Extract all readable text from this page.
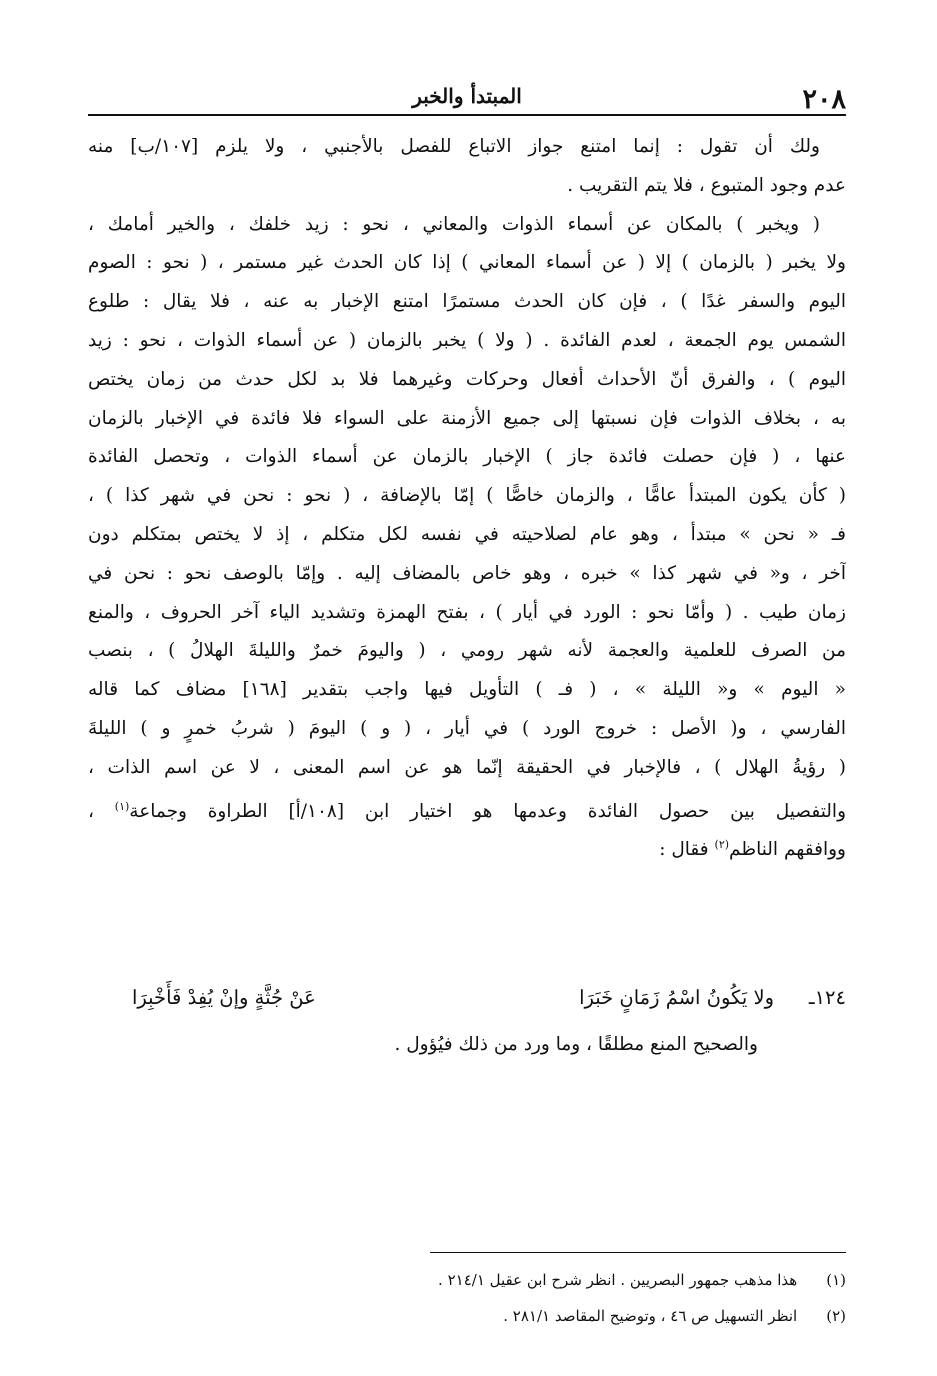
٢٠٨
المبتدأ والخبر
ولك أن تقول : إنما امتنع جواز الاتباع للفصل بالأجنبي ، ولا يلزم [١٠٧/ب] منه
عدم وجود المتبوع ، فلا يتم التقريب .
( ويخبر ) بالمكان عن أسماء الذوات والمعاني ، نحو : زيد خلفك ، والخير أمامك ،
ولا يخبر ( بالزمان ) إلا ( عن أسماء المعاني ) إذا كان الحدث غير مستمر ، ( نحو : الصوم
اليوم والسفر غدًا ) ، فإن كان الحدث مستمرًا امتنع الإخبار به عنه ، فلا يقال : طلوع
الشمس يوم الجمعة ، لعدم الفائدة . ( ولا ) يخبر بالزمان ( عن أسماء الذوات ، نحو : زيد
اليوم ) ، والفرق أنّ الأحداث أفعال وحركات وغيرهما فلا بد لكل حدث من زمان يختص
به ، بخلاف الذوات فإن نسبتها إلى جميع الأزمنة على السواء فلا فائدة في الإخبار بالزمان
عنها ، ( فإن حصلت فائدة جاز ) الإخبار بالزمان عن أسماء الذوات ، وتحصل الفائدة
( كأن يكون المبتدأ عامًّا ، والزمان خاصًّا ) إمّا بالإضافة ، ( نحو : نحن في شهر كذا ) ،
فـ « نحن » مبتدأ ، وهو عام لصلاحيته في نفسه لكل متكلم ، إذ لا يختص بمتكلم دون
آخر ، و« في شهر كذا » خبره ، وهو خاص بالمضاف إليه . وإمّا بالوصف نحو : نحن في
زمان طيب . ( وأمّا نحو : الورد في أيار ) ، بفتح الهمزة وتشديد الياء آخر الحروف ، والمنع
من الصرف للعلمية والعجمة لأنه شهر رومي ، ( واليومَ خمرٌ والليلةَ الهلالُ ) ، بنصب
« اليوم » و« الليلة » ، ( فـ ) التأويل فيها واجب بتقدير [١٦٨] مضاف كما قاله
الفارسي ، و( الأصل : خروج الورد ) في أيار ، ( و ) اليومَ ( شربُ خمرٍ و ) الليلةَ
( رؤيةُ الهلال ) ، فالإخبار في الحقيقة إنّما هو عن اسم المعنى ، لا عن اسم الذات ،
والتفصيل بين حصول الفائدة وعدمها هو اختيار ابن [١٠٨/أ] الطراوة وجماعة$^{(١)}$ ،
ووافقهم الناظم$^{(٢)}$ فقال :
١٢٤ـ
ولا يَكُونُ اسْمُ زَمَانٍ خَبَرَا
عَنْ جُثَّةٍ وإنْ يُفِدْ فَأَخْبِرَا
والصحيح المنع مطلقًا ، وما ورد من ذلك فيُؤول .
(١) هذا مذهب جمهور البصريين . انظر شرح ابن عقيل ٢١٤/١ .
(٢) انظر التسهيل ص ٤٦ ، وتوضيح المقاصد ٢٨١/١ .
